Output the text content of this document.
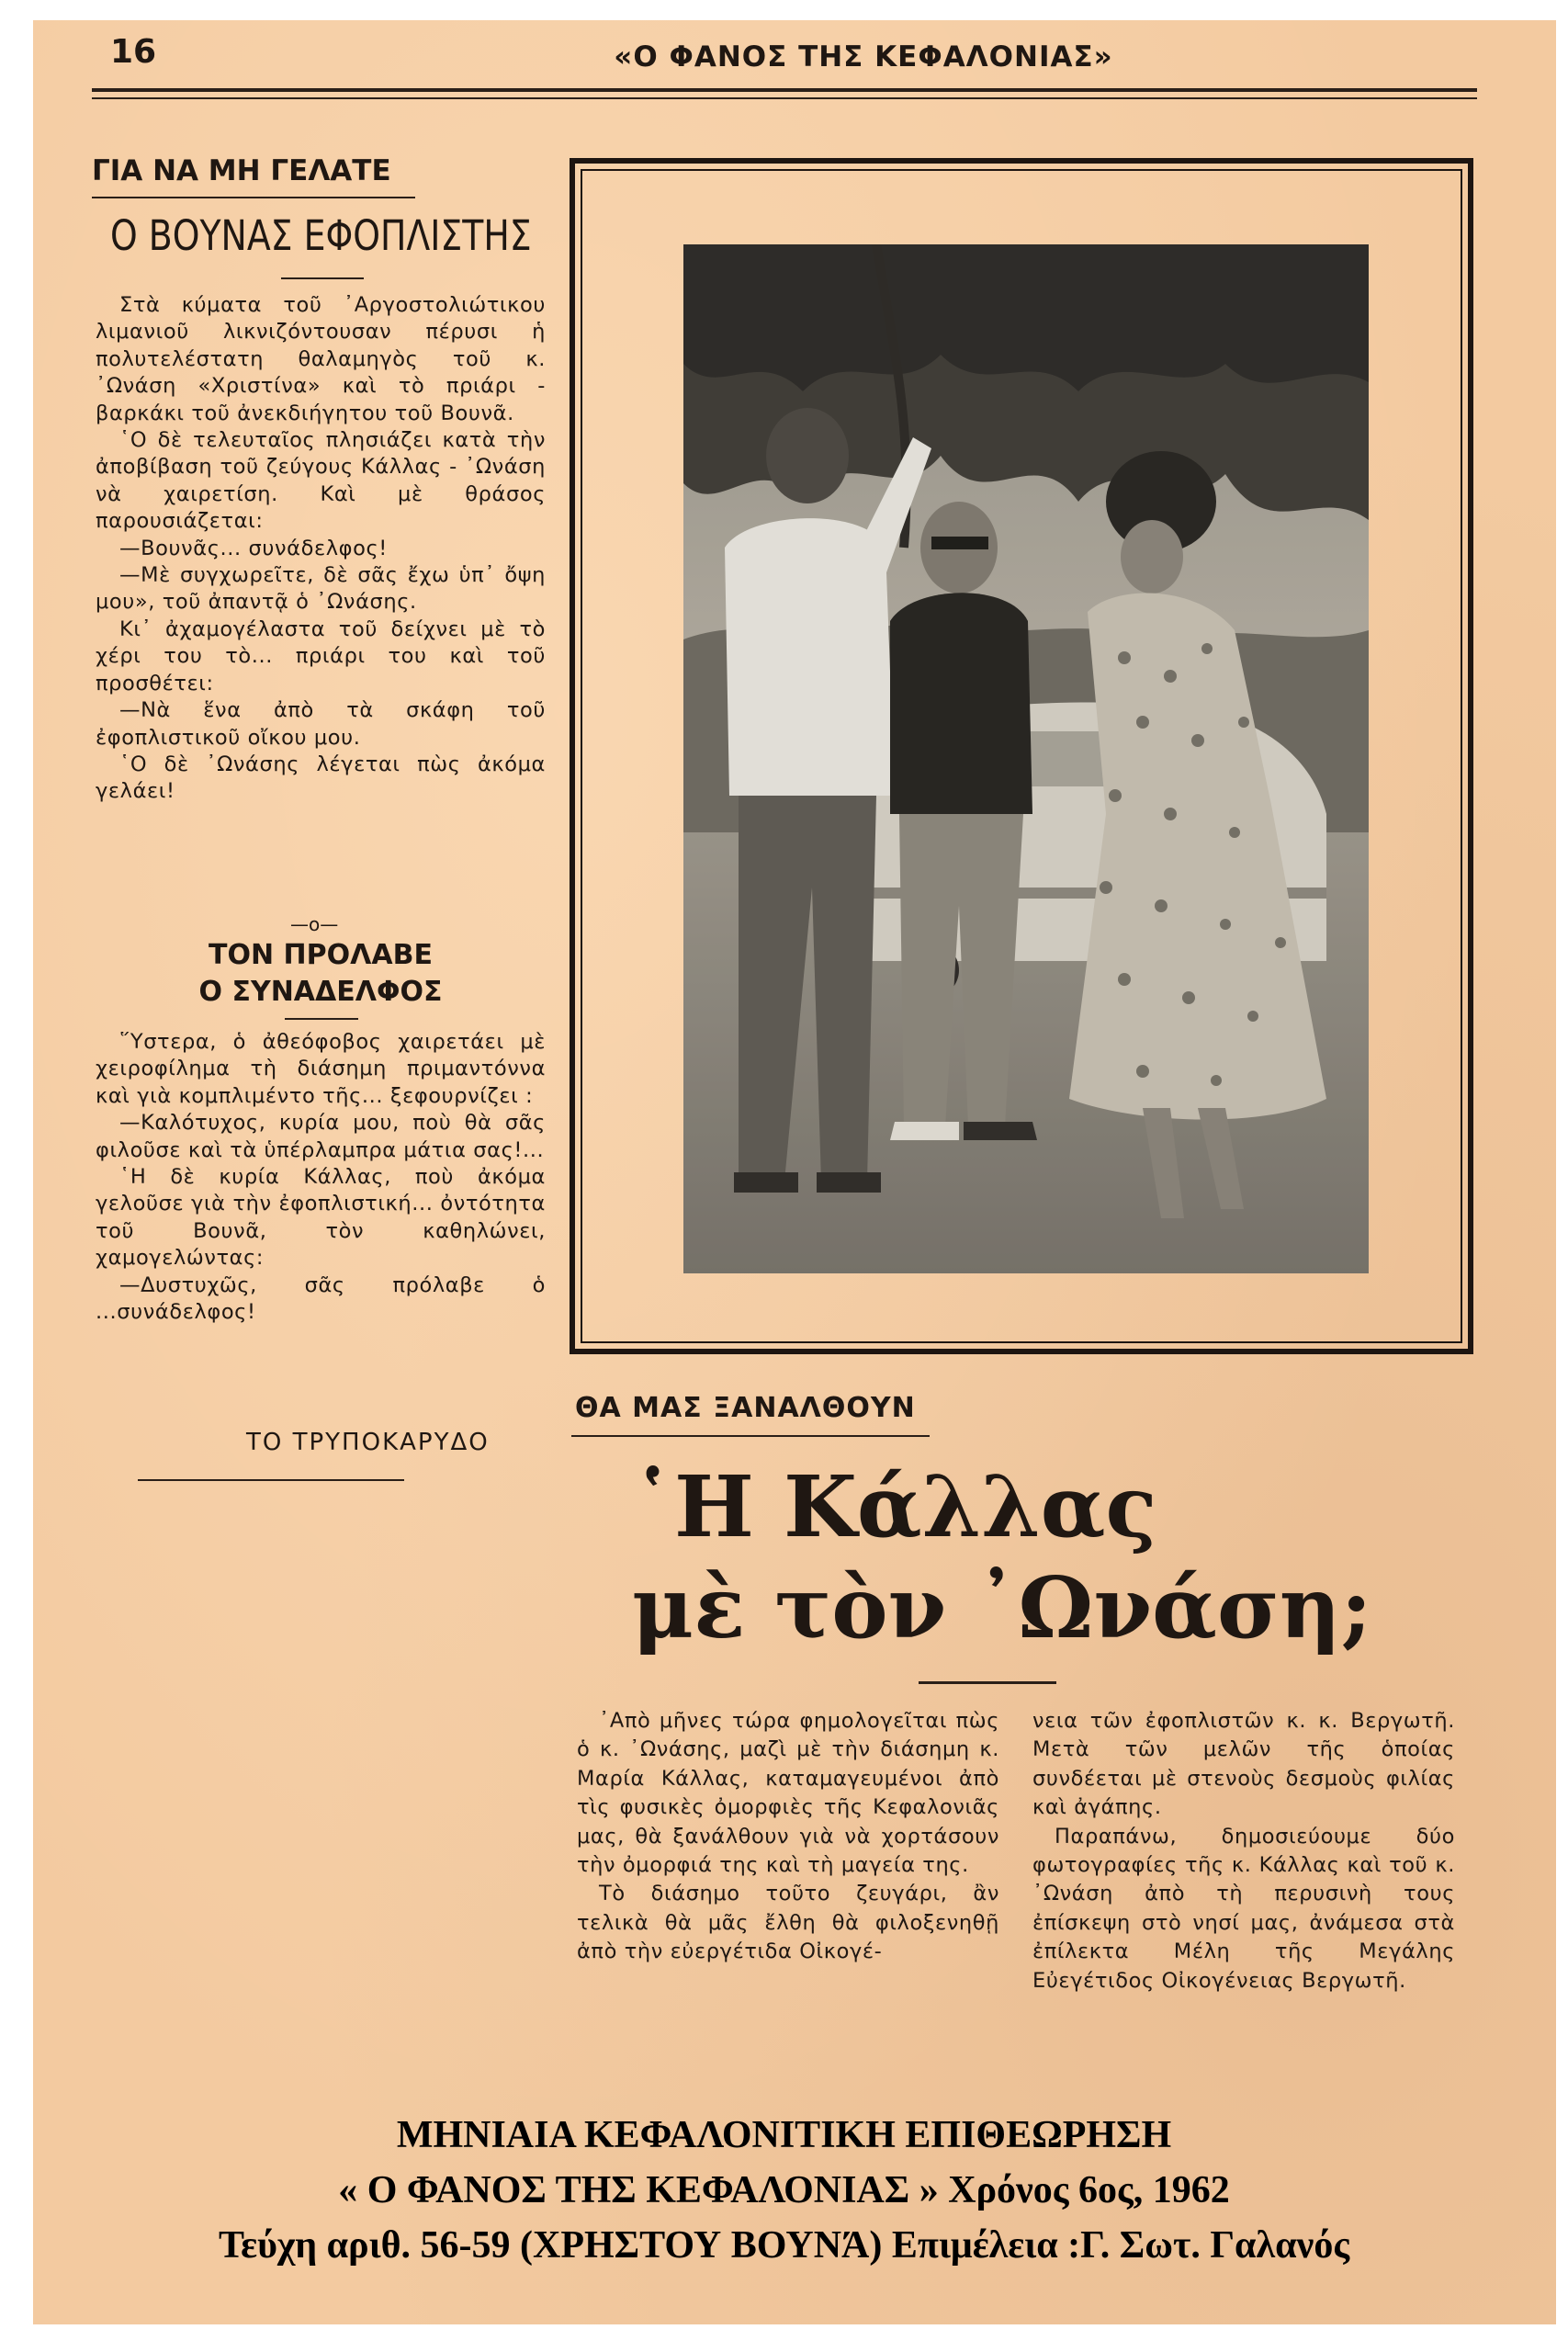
16	«Ο ΦΑΝΟΣ ΤΗΣ ΚΕΦΑΛΟΝΙΑΣ»
ΓΙΑ ΝΑ ΜΗ ΓΕΛΑΤΕ
Ο ΒΟΥΝΑΣ ΕΦΟΠΛΙΣΤΗΣ

Στὰ κύματα τοῦ ᾿Αργοστολιώτικου λιμανιοῦ λικνιζόντουσαν πέρυσι ἡ πολυτελέστατη θαλαμηγὸς τοῦ κ. ᾿Ωνάση «Χριστίνα» καὶ τὸ πριάρι - βαρκάκι τοῦ ἀνεκδιήγητου τοῦ Βουνᾶ.

῾Ο δὲ τελευταῖος πλησιάζει κατὰ τὴν ἀποβίβαση τοῦ ζεύγους Κάλλας - ᾿Ωνάση νὰ χαιρετίση. Καὶ μὲ θράσος παρουσιάζεται:

—Βουνᾶς... συνάδελφος!

—Μὲ συγχωρεῖτε, δὲ σᾶς ἔχω ὑπ᾿ ὄψη μου», τοῦ ἀπαντᾷ ὁ ᾿Ωνάσης.

Κι᾿ ἀχαμογέλαστα τοῦ δείχνει μὲ τὸ χέρι του τὸ... πριάρι του καὶ τοῦ προσθέτει:

—Νὰ ἕνα ἀπὸ τὰ σκάφη τοῦ ἐφοπλιστικοῦ οἴκου μου.

῾Ο δὲ ᾿Ωνάσης λέγεται πὼς ἀκόμα γελάει!

—o—
ΤΟΝ ΠΡΟΛΑΒΕ
Ο ΣΥΝΑΔΕΛΦΟΣ

῞Υστερα, ὁ ἀθεόφοβος χαιρετάει μὲ χειροφίλημα τὴ διάσημη πριμαντόννα καὶ γιὰ κομπλιμέντο τῆς... ξεφουρνίζει :

—Καλότυχος, κυρία μου, ποὺ θὰ σᾶς φιλοῦσε καὶ τὰ ὑπέρλαμπρα μάτια σας!...

῾Η δὲ κυρία Κάλλας, ποὺ ἀκόμα γελοῦσε γιὰ τὴν ἐφοπλιστική... ὀντότητα τοῦ Βουνᾶ, τὸν καθηλώνει, χαμογελώντας:

—Δυστυχῶς, σᾶς πρόλαβε ὁ ...συνάδελφος!

ΤΟ ΤΡΥΠΟΚΑΡΥΔΟ
ΘΑ ΜΑΣ ΞΑΝΑΛΘΟΥΝ
῾Η Κάλλας
μὲ τὸν ᾿Ωνάση;

᾿Απὸ μῆνες τώρα φημολογεῖται πὼς ὁ κ. ᾿Ωνάσης, μαζὶ μὲ τὴν διάσημη κ. Μαρία Κάλλας, καταμαγευμένοι ἀπὸ τὶς φυσικὲς ὀμορφιὲς τῆς Κεφαλονιᾶς μας, θὰ ξανάλθουν γιὰ νὰ χορτάσουν τὴν ὀμορφιά της καὶ τὴ μαγεία της.

Τὸ διάσημο τοῦτο ζευγάρι, ἂν τελικὰ θὰ μᾶς ἔλθη θὰ φιλοξενηθῇ ἀπὸ τὴν εὐεργέτιδα Οἰκογέ-

νεια τῶν ἐφοπλιστῶν κ. κ. Βεργωτῆ. Μετὰ τῶν μελῶν τῆς ὁποίας συνδέεται μὲ στενοὺς δεσμοὺς φιλίας καὶ ἀγάπης.

Παραπάνω, δημοσιεύουμε δύο φωτογραφίες τῆς κ. Κάλλας καὶ τοῦ κ. ᾿Ωνάση ἀπὸ τὴ περυσινὴ τους ἐπίσκεψη στὸ νησί μας, ἀνάμεσα στὰ ἐπίλεκτα Μέλη τῆς Μεγάλης Εὐεγέτιδος Οἰκογένειας Βεργωτῆ.

ΜΗΝΙΑΙΑ ΚΕΦΑΛΟΝΙΤΙΚΗ ΕΠΙΘΕΩΡΗΣΗ
« Ο ΦΑΝΟΣ ΤΗΣ ΚΕΦΑΛΟΝΙΑΣ » Χρόνος 6ος, 1962
Τεύχη αριθ. 56-59 (ΧΡΗΣΤΟΥ ΒΟΥΝΆ) Επιμέλεια :Γ. Σωτ. Γαλανός
